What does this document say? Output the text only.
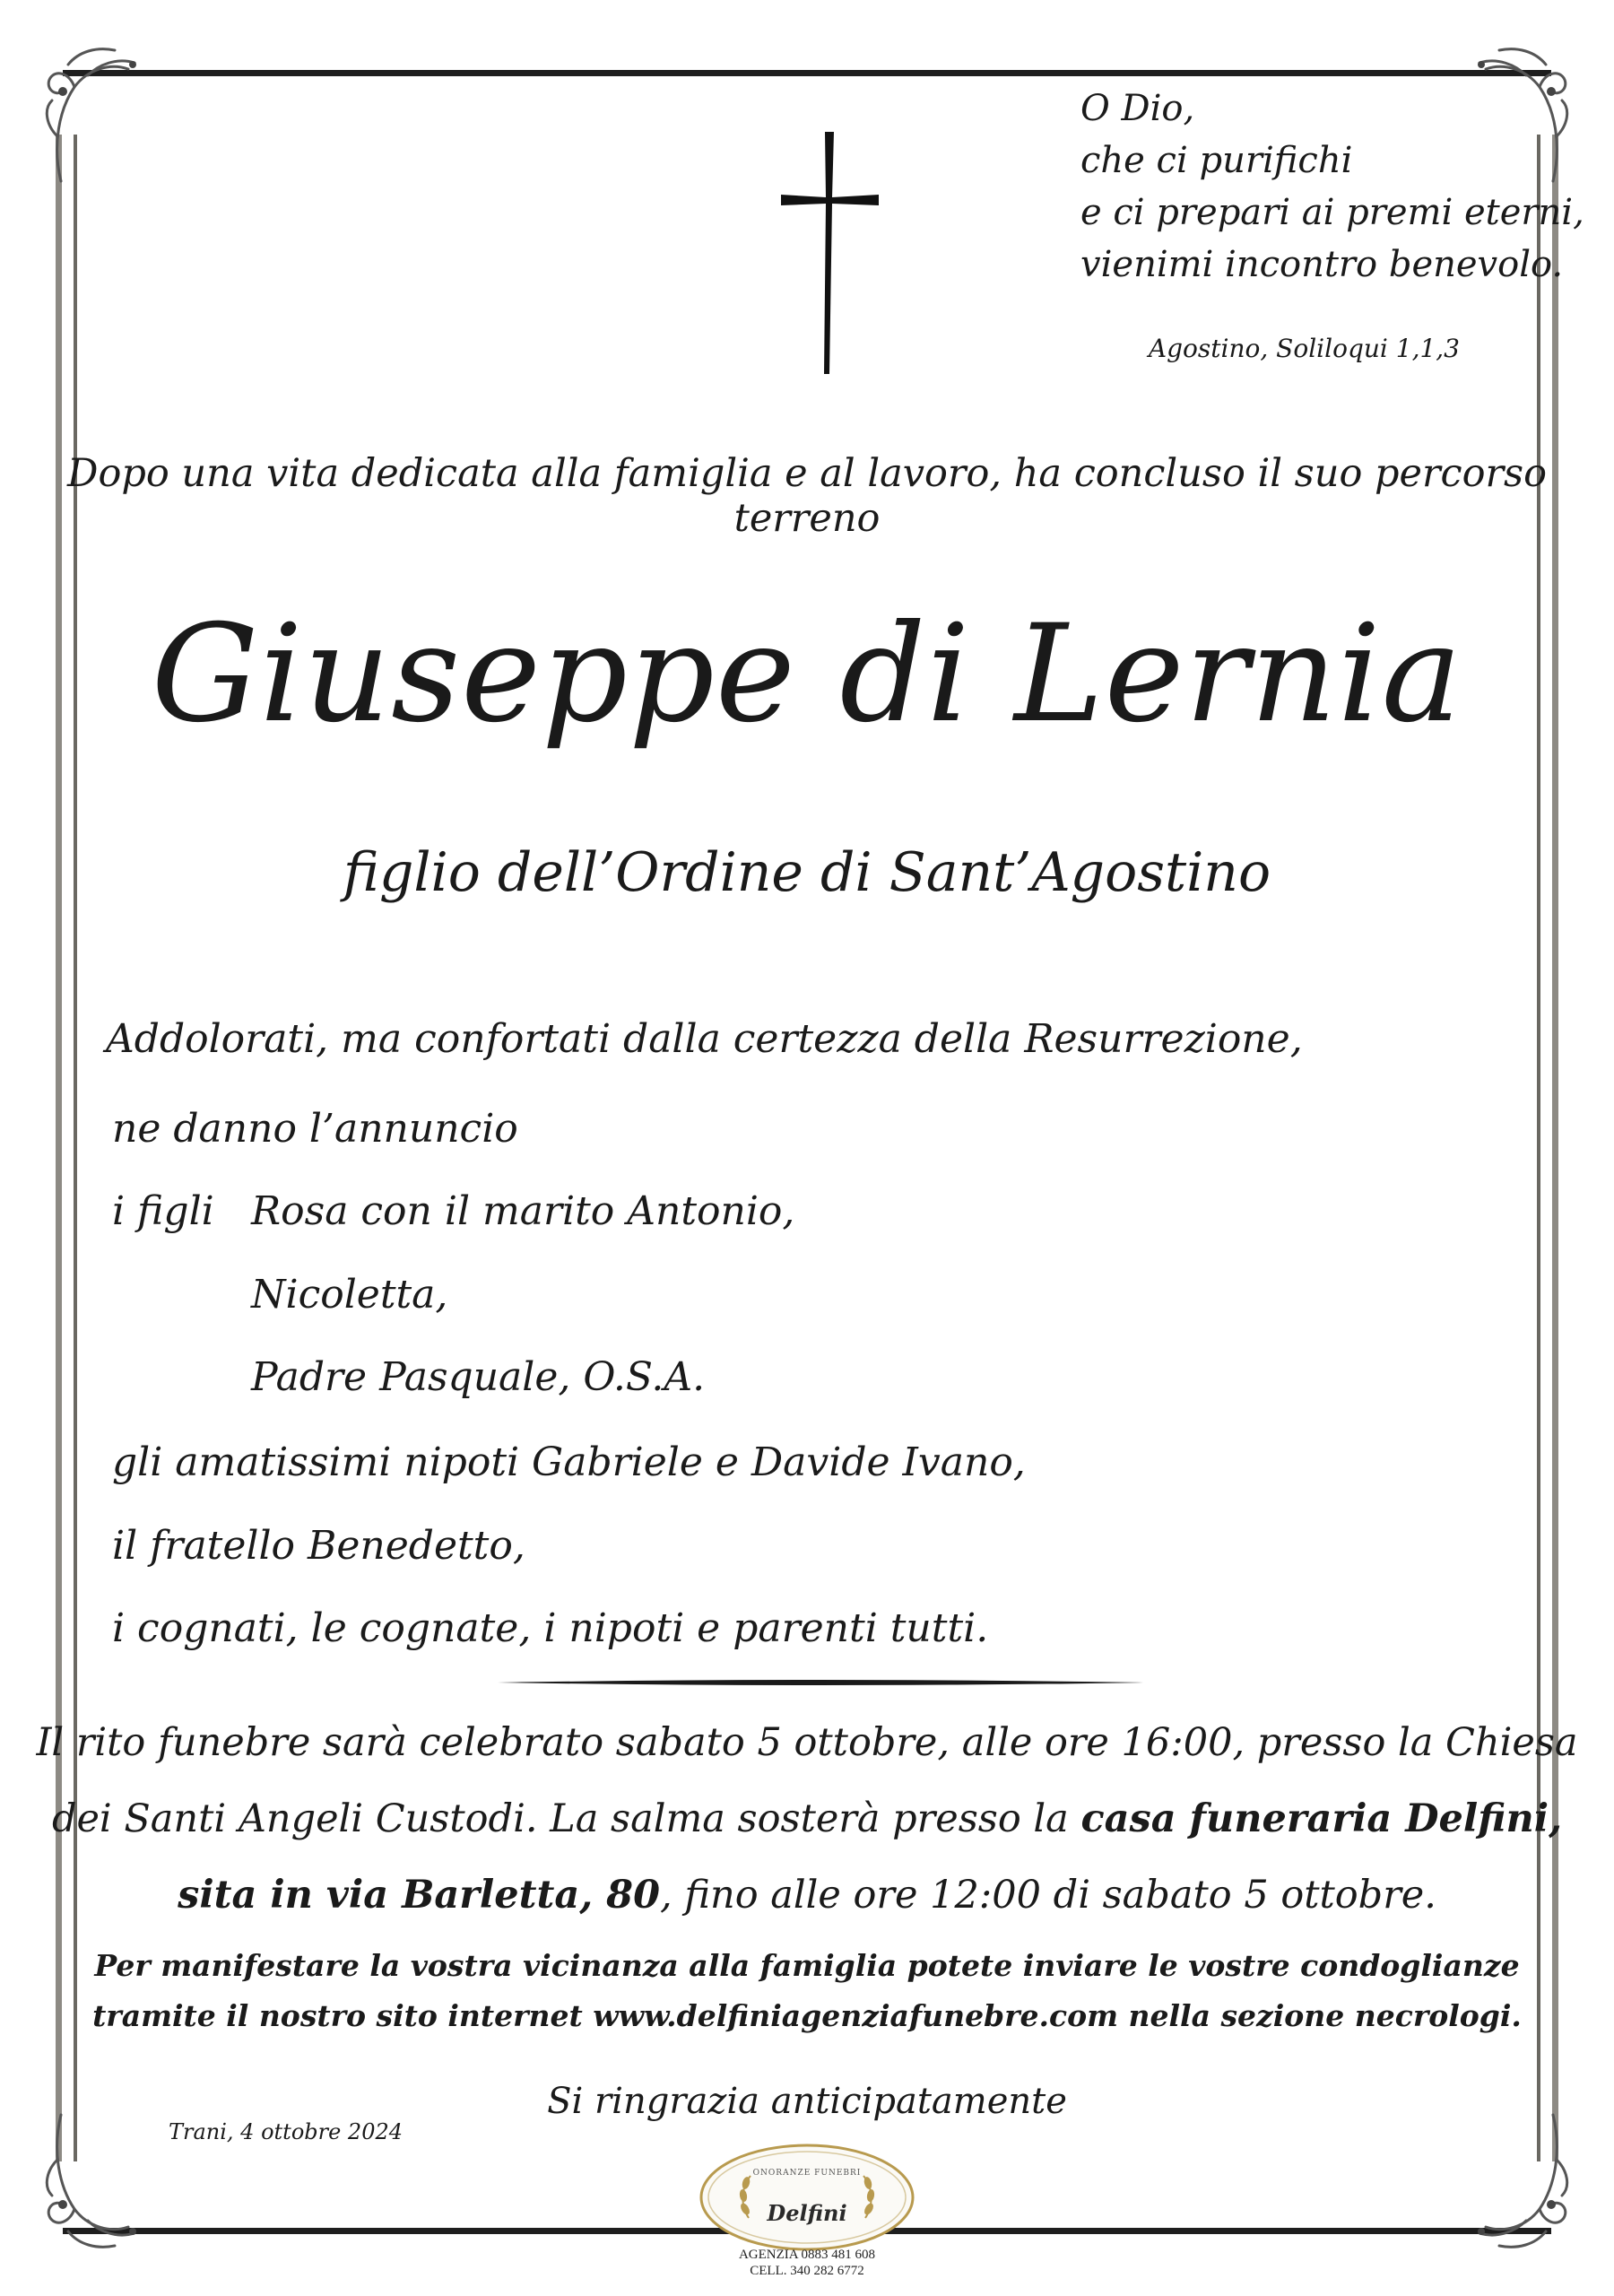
O Dio,
che ci purifichi
e ci prepari ai premi eterni,
vienimi incontro benevolo.
Agostino, Soliloqui 1,1,3
Dopo una vita dedicata alla famiglia e al lavoro, ha concluso il suo percorso terreno
Giuseppe di Lernia
figlio dell’Ordine di Sant’Agostino
Addolorati, ma confortati dalla certezza della Resurrezione,
ne danno l’annuncio
i figli Rosa con il marito Antonio,
Nicoletta,
Padre Pasquale, O.S.A.
gli amatissimi nipoti Gabriele e Davide Ivano,
il fratello Benedetto,
i cognati, le cognate, i nipoti e parenti tutti.
Il rito funebre sarà celebrato sabato 5 ottobre, alle ore 16:00, presso la Chiesa
dei Santi Angeli Custodi. La salma sosterà presso la casa funeraria Delfini,
sita in via Barletta, 80, fino alle ore 12:00 di sabato 5 ottobre.
Per manifestare la vostra vicinanza alla famiglia potete inviare le vostre condoglianze
tramite il nostro sito internet www.delfiniagenziafunebre.com nella sezione necrologi.
Si ringrazia anticipatamente
Trani, 4 ottobre 2024
ONORANZE FUNEBRI
Delfini
AGENZIA 0883 481 608
CELL. 340 282 6772
